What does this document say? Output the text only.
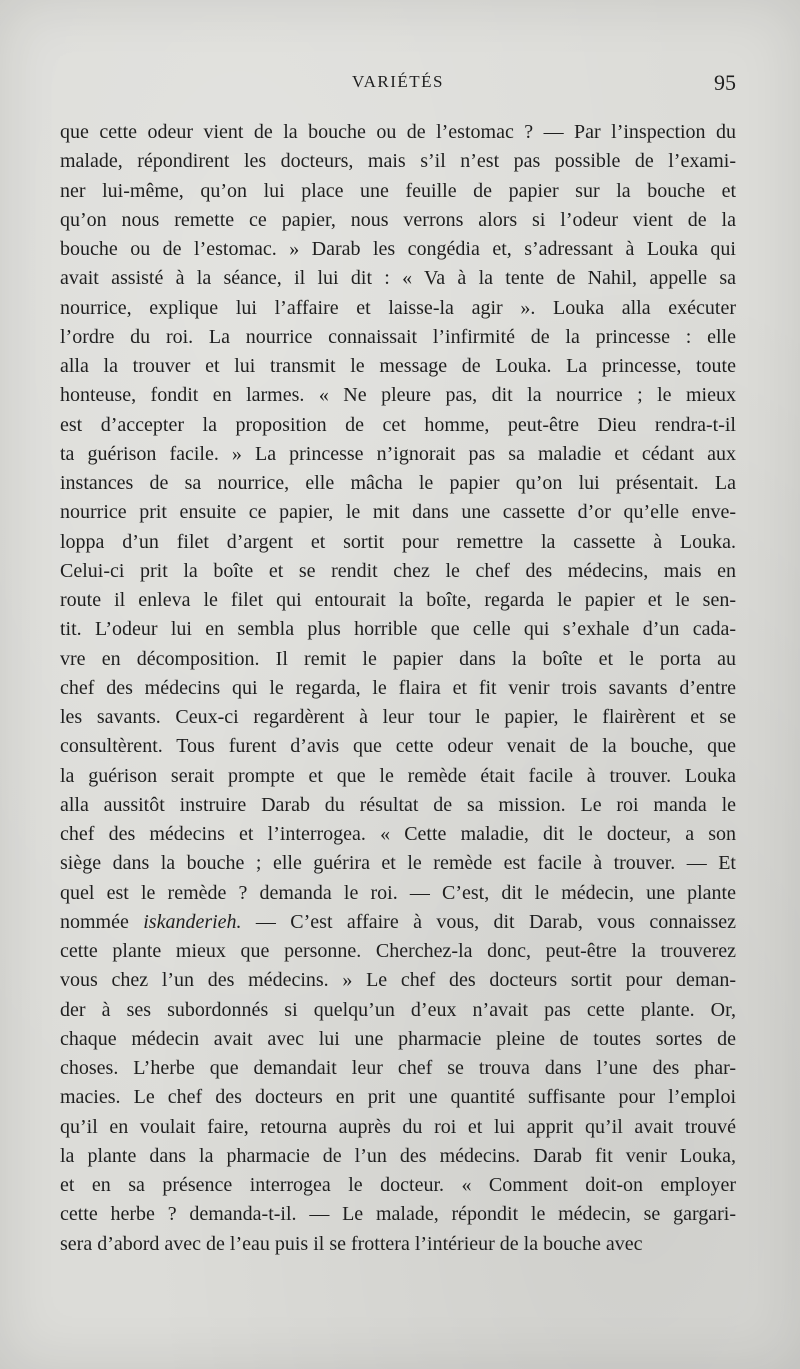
VARIÉTÉS	95
que cette odeur vient de la bouche ou de l’estomac ? — Par l’inspection du
malade, répondirent les docteurs, mais s’il n’est pas possible de l’exami-
ner lui-même, qu’on lui place une feuille de papier sur la bouche et
qu’on nous remette ce papier, nous verrons alors si l’odeur vient de la
bouche ou de l’estomac. » Darab les congédia et, s’adressant à Louka qui
avait assisté à la séance, il lui dit : « Va à la tente de Nahil, appelle sa
nourrice, explique lui l’affaire et laisse-la agir ». Louka alla exécuter
l’ordre du roi. La nourrice connaissait l’infirmité de la princesse : elle
alla la trouver et lui transmit le message de Louka. La princesse, toute
honteuse, fondit en larmes. « Ne pleure pas, dit la nourrice ; le mieux
est d’accepter la proposition de cet homme, peut-être Dieu rendra-t-il
ta guérison facile. » La princesse n’ignorait pas sa maladie et cédant aux
instances de sa nourrice, elle mâcha le papier qu’on lui présentait. La
nourrice prit ensuite ce papier, le mit dans une cassette d’or qu’elle enve-
loppa d’un filet d’argent et sortit pour remettre la cassette à Louka.
Celui-ci prit la boîte et se rendit chez le chef des médecins, mais en
route il enleva le filet qui entourait la boîte, regarda le papier et le sen-
tit. L’odeur lui en sembla plus horrible que celle qui s’exhale d’un cada-
vre en décomposition. Il remit le papier dans la boîte et le porta au
chef des médecins qui le regarda, le flaira et fit venir trois savants d’entre
les savants. Ceux-ci regardèrent à leur tour le papier, le flairèrent et se
consultèrent. Tous furent d’avis que cette odeur venait de la bouche, que
la guérison serait prompte et que le remède était facile à trouver. Louka
alla aussitôt instruire Darab du résultat de sa mission. Le roi manda le
chef des médecins et l’interrogea. « Cette maladie, dit le docteur, a son
siège dans la bouche ; elle guérira et le remède est facile à trouver. — Et
quel est le remède ? demanda le roi. — C’est, dit le médecin, une plante
nommée iskanderieh. — C’est affaire à vous, dit Darab, vous connaissez
cette plante mieux que personne. Cherchez-la donc, peut-être la trouverez
vous chez l’un des médecins. » Le chef des docteurs sortit pour deman-
der à ses subordonnés si quelqu’un d’eux n’avait pas cette plante. Or,
chaque médecin avait avec lui une pharmacie pleine de toutes sortes de
choses. L’herbe que demandait leur chef se trouva dans l’une des phar-
macies. Le chef des docteurs en prit une quantité suffisante pour l’emploi
qu’il en voulait faire, retourna auprès du roi et lui apprit qu’il avait trouvé
la plante dans la pharmacie de l’un des médecins. Darab fit venir Louka,
et en sa présence interrogea le docteur. « Comment doit-on employer
cette herbe ? demanda-t-il. — Le malade, répondit le médecin, se gargari-
sera d’abord avec de l’eau puis il se frottera l’intérieur de la bouche avec
